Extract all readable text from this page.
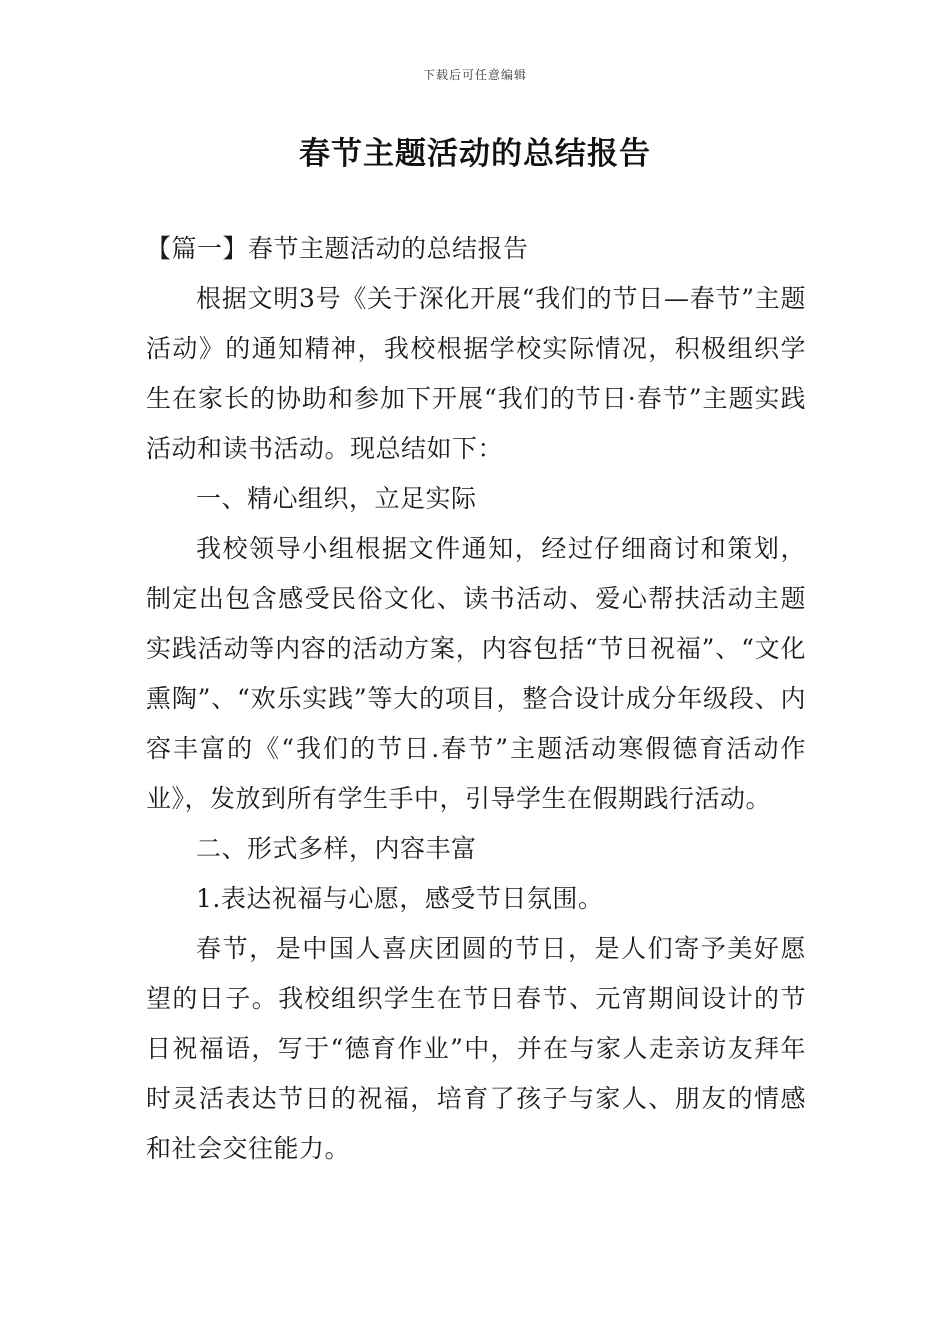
下载后可任意编辑
春节主题活动的总结报告

【篇一】春节主题活动的总结报告

根据文明3号《关于深化开展“我们的节日—春节”主题活动》的通知精神，我校根据学校实际情况，积极组织学生在家长的协助和参加下开展“我们的节日·春节”主题实践活动和读书活动。现总结如下：

一、精心组织，立足实际

我校领导小组根据文件通知，经过仔细商讨和策划，制定出包含感受民俗文化、读书活动、爱心帮扶活动主题实践活动等内容的活动方案，内容包括“节日祝福”、“文化熏陶”、“欢乐实践”等大的项目，整合设计成分年级段、内容丰富的《“我们的节日.春节”主题活动寒假德育活动作业》，发放到所有学生手中，引导学生在假期践行活动。

二、形式多样，内容丰富

1.表达祝福与心愿，感受节日氛围。

春节，是中国人喜庆团圆的节日，是人们寄予美好愿望的日子。我校组织学生在节日春节、元宵期间设计的节日祝福语，写于“德育作业”中，并在与家人走亲访友拜年时灵活表达节日的祝福，培育了孩子与家人、朋友的情感和社会交往能力。
